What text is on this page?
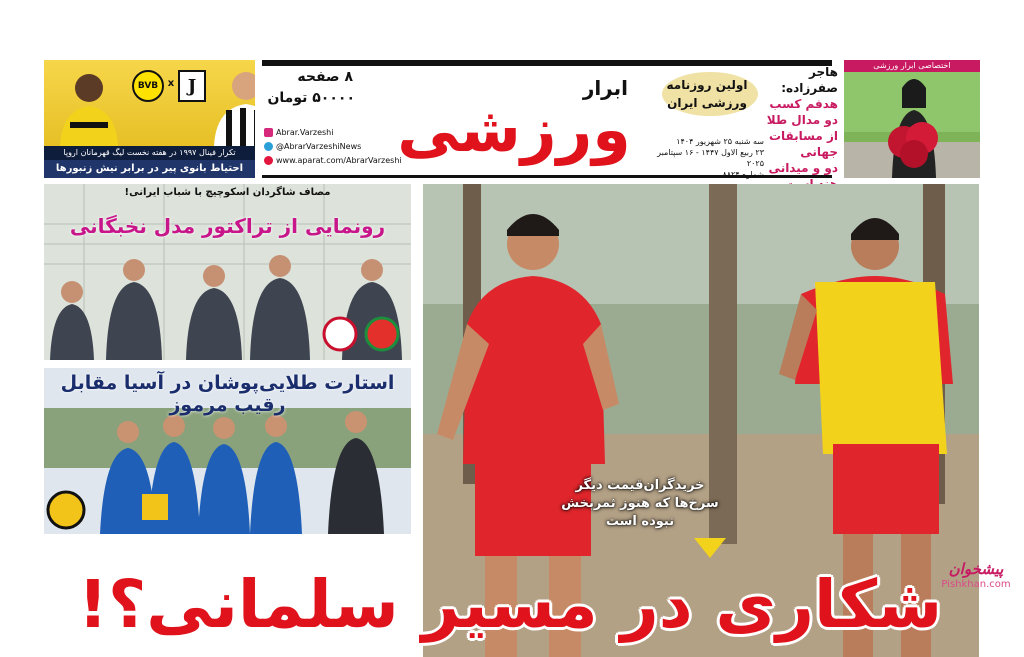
BVB x J
تکرار فینال ۱۹۹۷ در هفته نخست لیگ قهرمانان اروپا
احتیاط بانوی پیر در برابر نیش زنبورها
۸ صفحه
۵۰۰۰۰ تومان
Abrar.Varzeshi
@AbrarVarzeshiNews
www.aparat.com/AbrarVarzeshi
ابرار
ورزشی
اولین روزنامه
ورزشی ایران
سه شنبه ۲۵ شهریور ۱۴۰۴
۲۳ ربیع الاول ۱۴۴۷ - ۱۶ سپتامبر ۲۰۲۵
شماره ۸۸۲۴
هاجر صفرزاده:
هدفم کسب
دو مدال طلا
از مسابقات
جهانی
دو و میدانی
اختصاصی ابرار ورزشی
مصاف شاگردان اسکوچیچ با شباب ایرانی!
رونمایی از تراکتور مدل نخبگانی
استارت طلایی‌پوشان در آسیا مقابل رقیب مرموز
خریدگران‌قیمت دیگر سرخ‌ها که هنوز ثمربخش نبوده است
شکاری در مسیر سلمانی؟! پیشخوان
Pishkhan.com
